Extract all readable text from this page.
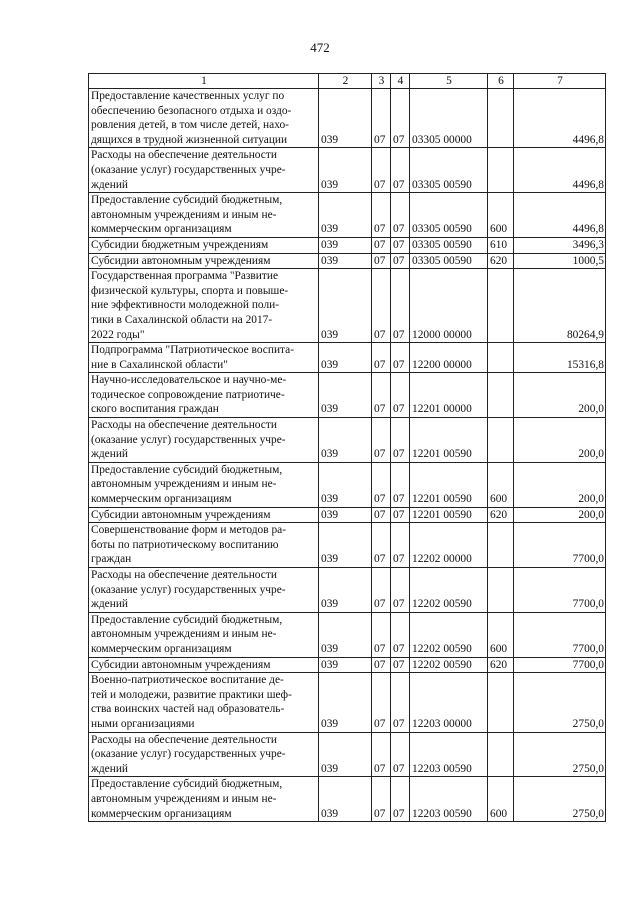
472
1	2	3	4	5	6	7
Предоставление качественных услуг по
обеспечению безопасного отдыха и оздо-
ровления детей, в том числе детей, нахо-
дящихся в трудной жизненной ситуации	039	07	07	03305 00000		4496,8
Расходы на обеспечение деятельности
(оказание услуг) государственных учре-
ждений	039	07	07	03305 00590		4496,8
Предоставление субсидий бюджетным,
автономным учреждениям и иным не-
коммерческим организациям	039	07	07	03305 00590	600	4496,8
Субсидии бюджетным учреждениям	039	07	07	03305 00590	610	3496,3
Субсидии автономным учреждениям	039	07	07	03305 00590	620	1000,5
Государственная программа "Развитие
физической культуры, спорта и повыше-
ние эффективности молодежной поли-
тики в Сахалинской области на 2017-
2022 годы"	039	07	07	12000 00000		80264,9
Подпрограмма "Патриотическое воспита-
ние в Сахалинской области"	039	07	07	12200 00000		15316,8
Научно-исследовательское и научно-ме-
тодическое сопровождение патриотиче-
ского воспитания граждан	039	07	07	12201 00000		200,0
Расходы на обеспечение деятельности
(оказание услуг) государственных учре-
ждений	039	07	07	12201 00590		200,0
Предоставление субсидий бюджетным,
автономным учреждениям и иным не-
коммерческим организациям	039	07	07	12201 00590	600	200,0
Субсидии автономным учреждениям	039	07	07	12201 00590	620	200,0
Совершенствование форм и методов ра-
боты по патриотическому воспитанию
граждан	039	07	07	12202 00000		7700,0
Расходы на обеспечение деятельности
(оказание услуг) государственных учре-
ждений	039	07	07	12202 00590		7700,0
Предоставление субсидий бюджетным,
автономным учреждениям и иным не-
коммерческим организациям	039	07	07	12202 00590	600	7700,0
Субсидии автономным учреждениям	039	07	07	12202 00590	620	7700,0
Военно-патриотическое воспитание де-
тей и молодежи, развитие практики шеф-
ства воинских частей над образователь-
ными организациями	039	07	07	12203 00000		2750,0
Расходы на обеспечение деятельности
(оказание услуг) государственных учре-
ждений	039	07	07	12203 00590		2750,0
Предоставление субсидий бюджетным,
автономным учреждениям и иным не-
коммерческим организациям	039	07	07	12203 00590	600	2750,0
